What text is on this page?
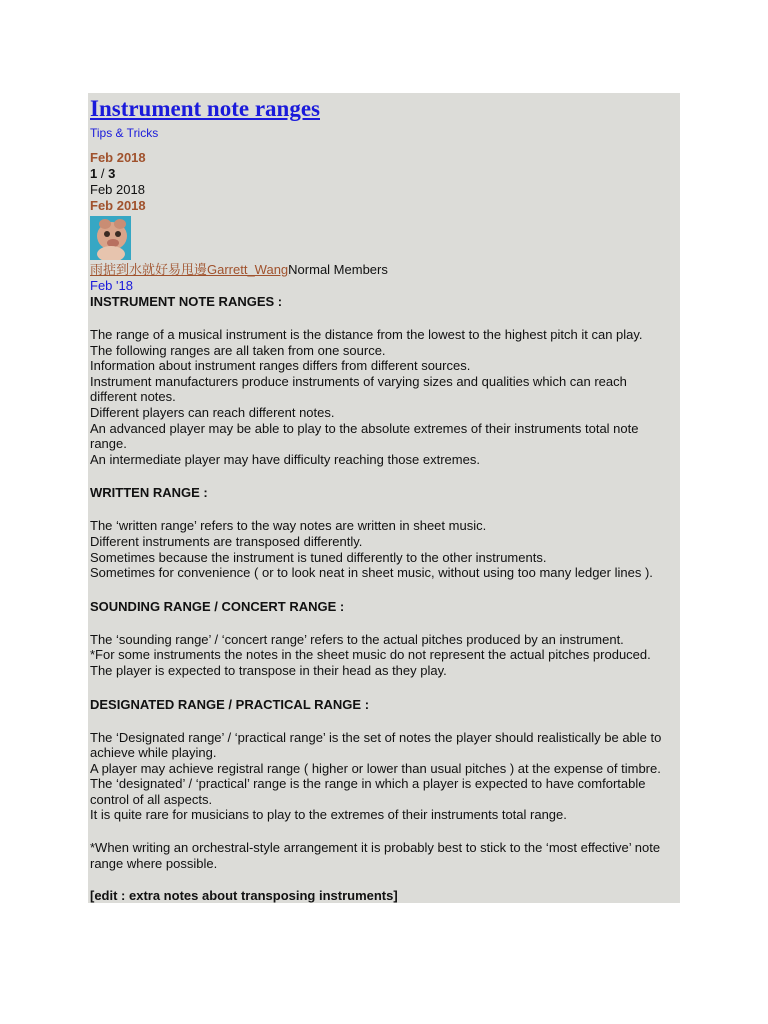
Instrument note ranges
Tips & Tricks
Feb 2018
1 / 3
Feb 2018
Feb 2018
雨掂到水就好易甩邊Garrett_WangNormal Members
Feb '18
INSTRUMENT NOTE RANGES :
The range of a musical instrument is the distance from the lowest to the highest pitch it can play.
The following ranges are all taken from one source.
Information about instrument ranges differs from different sources.
Instrument manufacturers produce instruments of varying sizes and qualities which can reach different notes.
Different players can reach different notes.
An advanced player may be able to play to the absolute extremes of their instruments total note range.
An intermediate player may have difficulty reaching those extremes.
WRITTEN RANGE :
The ‘written range’ refers to the way notes are written in sheet music.
Different instruments are transposed differently.
Sometimes because the instrument is tuned differently to the other instruments.
Sometimes for convenience ( or to look neat in sheet music, without using too many ledger lines ).
SOUNDING RANGE / CONCERT RANGE :
The ‘sounding range’ / ‘concert range’ refers to the actual pitches produced by an instrument.
*For some instruments the notes in the sheet music do not represent the actual pitches produced.
The player is expected to transpose in their head as they play.
DESIGNATED RANGE / PRACTICAL RANGE :
The ‘Designated range’ / ‘practical range’ is the set of notes the player should realistically be able to achieve while playing.
A player may achieve registral range ( higher or lower than usual pitches ) at the expense of timbre.
The ‘designated’ / ‘practical’ range is the range in which a player is expected to have comfortable control of all aspects.
It is quite rare for musicians to play to the extremes of their instruments total range.
*When writing an orchestral-style arrangement it is probably best to stick to the ‘most effective’ note range where possible.
[edit : extra notes about transposing instruments]
